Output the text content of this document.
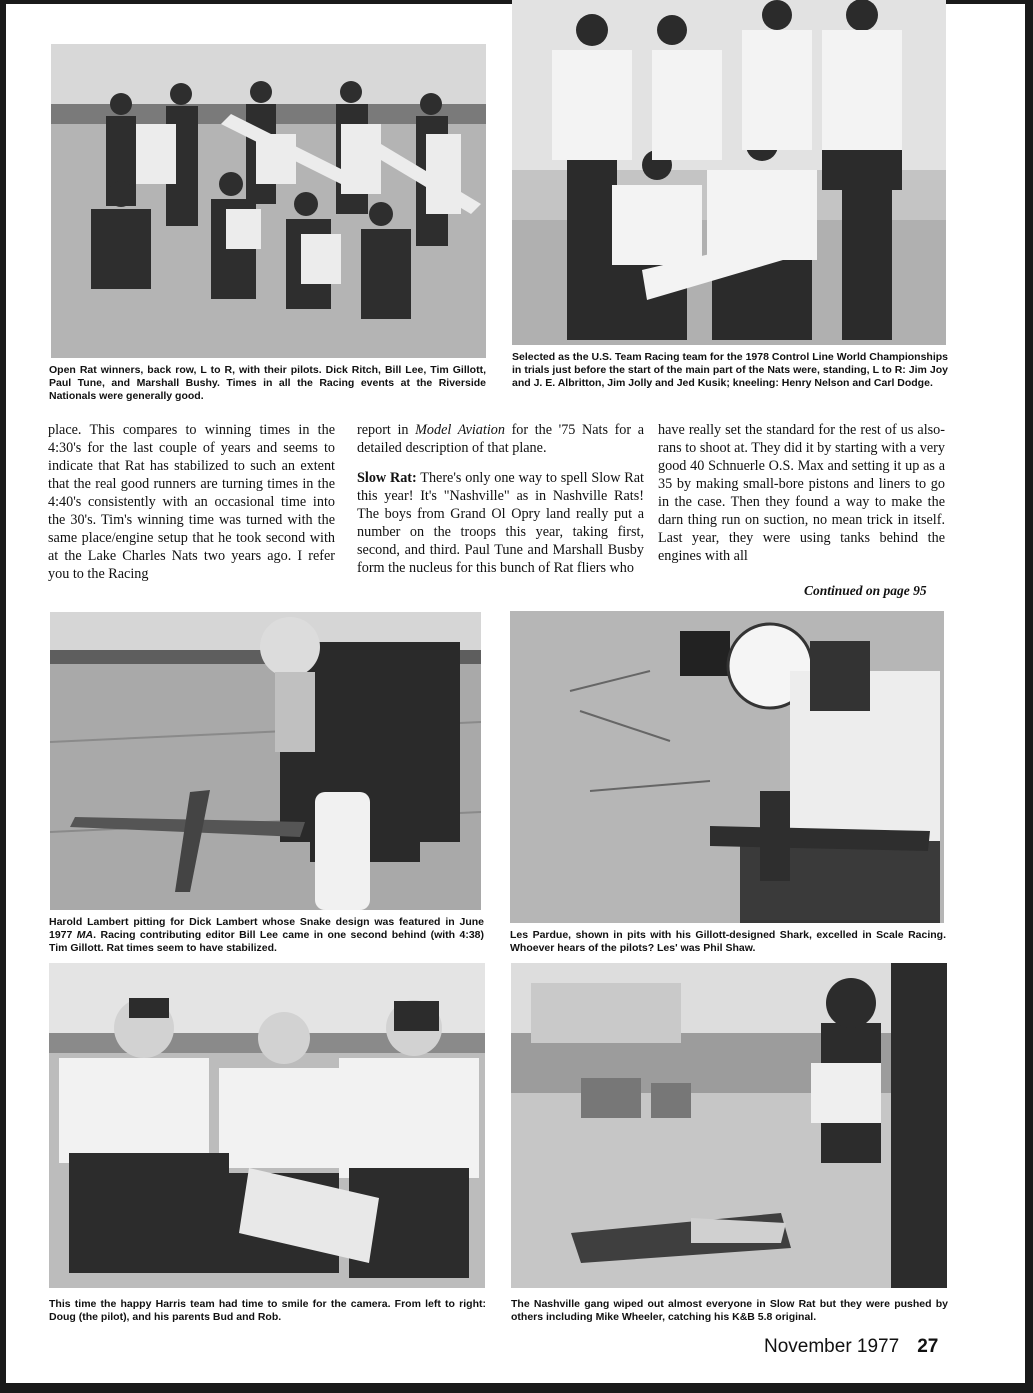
Open Rat winners, back row, L to R, with their pilots. Dick Ritch, Bill Lee, Tim Gillott, Paul Tune, and Marshall Bushy. Times in all the Racing events at the Riverside Nationals were generally good.
Selected as the U.S. Team Racing team for the 1978 Control Line World Championships in trials just before the start of the main part of the Nats were, standing, L to R: Jim Joy and J. E. Albritton, Jim Jolly and Jed Kusik; kneeling: Henry Nelson and Carl Dodge.
Harold Lambert pitting for Dick Lambert whose Snake design was featured in June 1977 MA. Racing contributing editor Bill Lee came in one second behind (with 4:38) Tim Gillott. Rat times seem to have stabilized.
Les Pardue, shown in pits with his Gillott-designed Shark, excelled in Scale Racing. Whoever hears of the pilots? Les' was Phil Shaw.
This time the happy Harris team had time to smile for the camera. From left to right: Doug (the pilot), and his parents Bud and Rob.
The Nashville gang wiped out almost everyone in Slow Rat but they were pushed by others including Mike Wheeler, catching his K&B 5.8 original.

place. This compares to winning times in the 4:30's for the last couple of years and seems to indicate that Rat has stabilized to such an extent that the real good runners are turning times in the 4:40's consistently with an occasional time into the 30's. Tim's winning time was turned with the same place/engine setup that he took second with at the Lake Charles Nats two years ago. I refer you to the Racing

report in Model Aviation for the '75 Nats for a detailed description of that plane.

Slow Rat: There's only one way to spell Slow Rat this year! It's "Nashville" as in Nashville Rats! The boys from Grand Ol Opry land really put a number on the troops this year, taking first, second, and third. Paul Tune and Marshall Busby form the nucleus for this bunch of Rat fliers who

have really set the standard for the rest of us also-rans to shoot at. They did it by starting with a very good 40 Schnuerle O.S. Max and setting it up as a 35 by making small-bore pistons and liners to go in the case. Then they found a way to make the darn thing run on suction, no mean trick in itself. Last year, they were using tanks behind the engines with all

Continued on page 95
November 1977 27
